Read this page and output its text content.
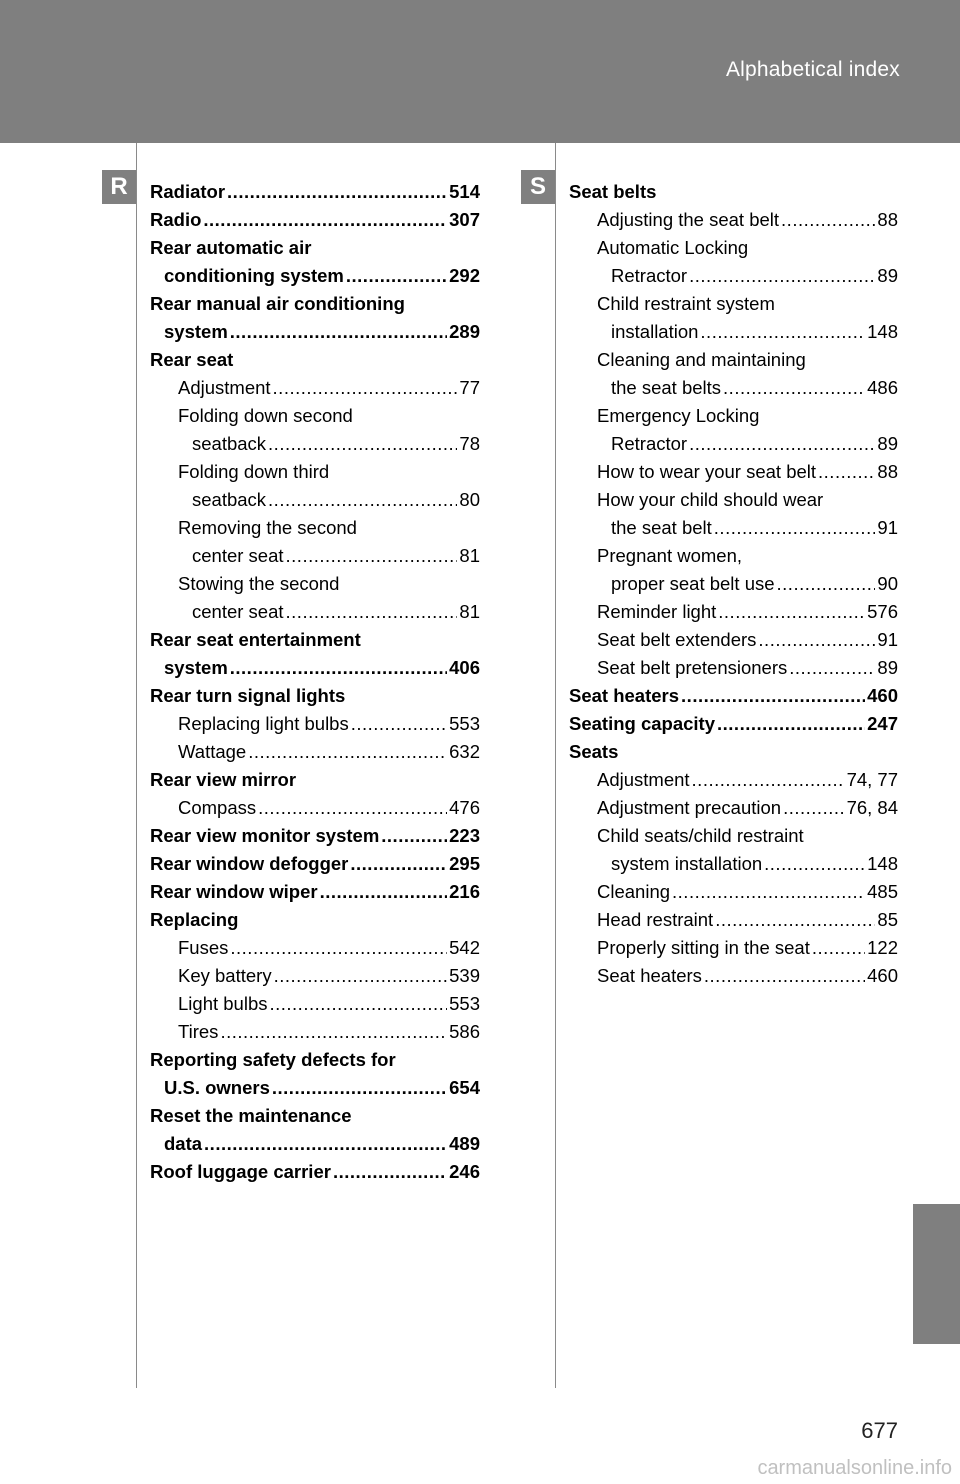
Alphabetical index
R	S
Radiator .....	514
Radio .....	307
Rear automatic air
conditioning system .....	292
Rear manual air conditioning
system .....	289
Rear seat
Adjustment .....	77
Folding down second
seatback .....	78
Folding down third
seatback .....	80
Removing the second
center seat .....	81
Stowing the second
center seat .....	81
Rear seat entertainment
system .....	406
Rear turn signal lights
Replacing light bulbs .....	553
Wattage .....	632
Rear view mirror
Compass .....	476
Rear view monitor system .....	223
Rear window defogger .....	295
Rear window wiper .....	216
Replacing
Fuses .....	542
Key battery .....	539
Light bulbs .....	553
Tires .....	586
Reporting safety defects for
U.S. owners .....	654
Reset the maintenance
data .....	489
Roof luggage carrier .....	246
Seat belts
Adjusting the seat belt .....	88
Automatic Locking
Retractor .....	89
Child restraint system
installation .....	148
Cleaning and maintaining
the seat belts .....	486
Emergency Locking
Retractor .....	89
How to wear your seat belt .....	88
How your child should wear
the seat belt .....	91
Pregnant women,
proper seat belt use .....	90
Reminder light .....	576
Seat belt extenders .....	91
Seat belt pretensioners .....	89
Seat heaters .....	460
Seating capacity .....	247
Seats
Adjustment .....	74, 77
Adjustment precaution .....	76, 84
Child seats/child restraint
system installation .....	148
Cleaning .....	485
Head restraint .....	85
Properly sitting in the seat .....	122
Seat heaters .....	460
677
carmanualsonline.info
